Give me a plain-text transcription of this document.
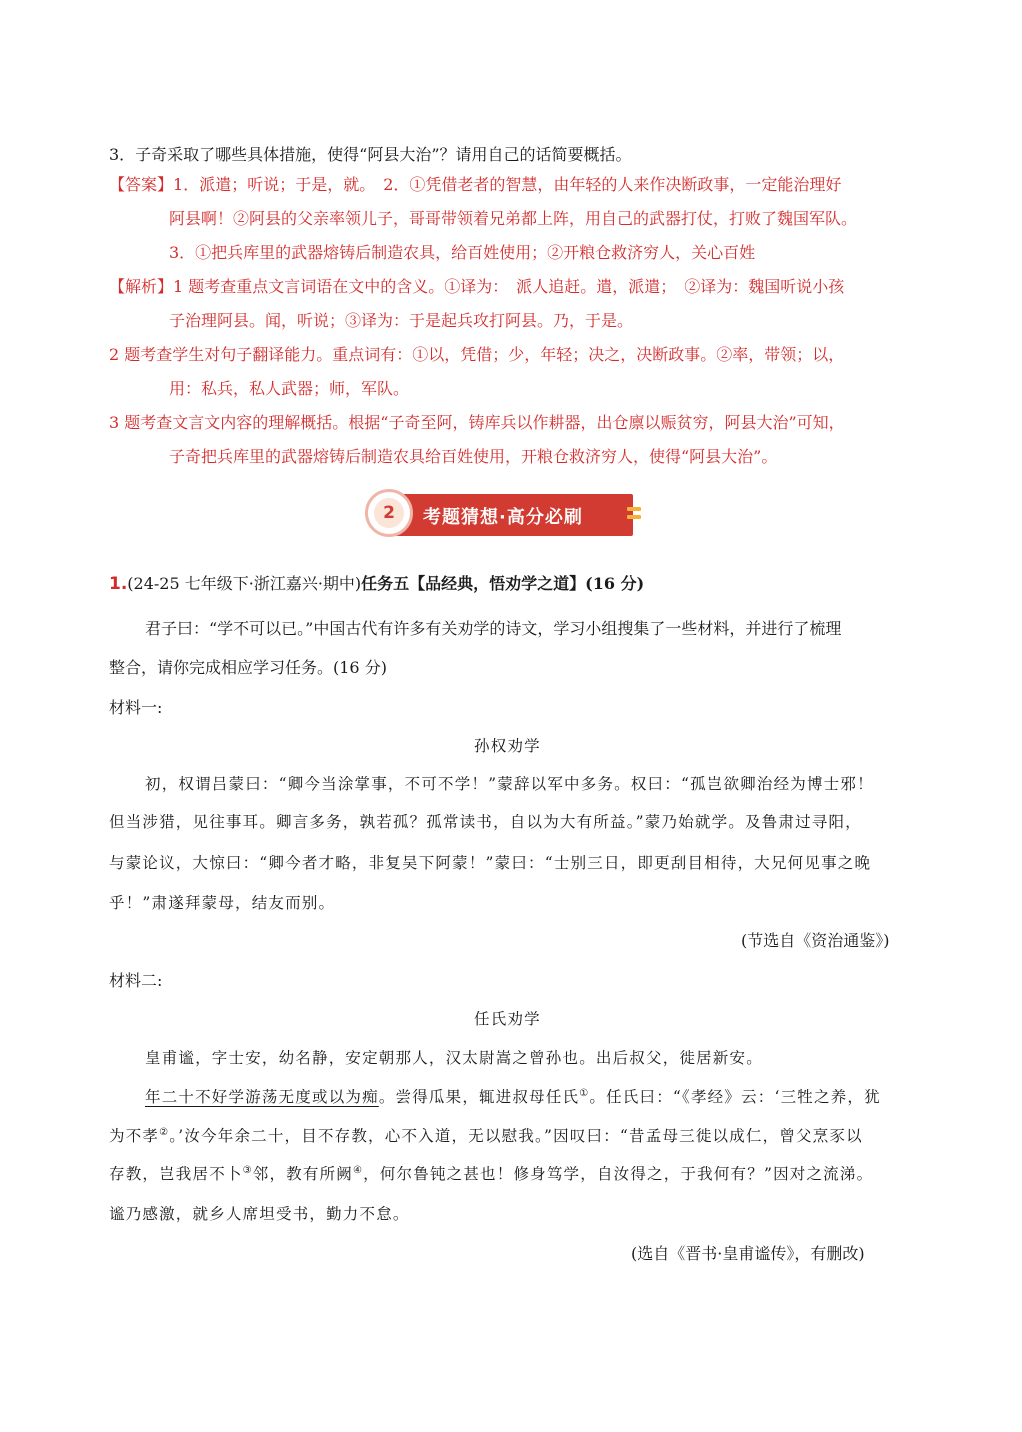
3．子奇采取了哪些具体措施，使得“阿县大治”？请用自己的话简要概括。
【答案】1．派遣；听说；于是，就。　2．①凭借老者的智慧，由年轻的人来作决断政事，一定能治理好
阿县啊！②阿县的父亲率领儿子，哥哥带领着兄弟都上阵，用自己的武器打仗，打败了魏国军队。
3．①把兵库里的武器熔铸后制造农具，给百姓使用；②开粮仓救济穷人，关心百姓
【解析】1 题考查重点文言词语在文中的含义。①译为：　派人追赶。遣，派遣；　②译为：魏国听说小孩
子治理阿县。闻，听说；③译为：于是起兵攻打阿县。乃，于是。
2 题考查学生对句子翻译能力。重点词有：①以，凭借；少，年轻；决之，决断政事。②率，带领；以，
用：私兵，私人武器；师，军队。
3 题考查文言文内容的理解概括。根据“子奇至阿，铸库兵以作耕器，出仓廪以赈贫穷，阿县大治”可知，
子奇把兵库里的武器熔铸后制造农具给百姓使用，开粮仓救济穷人，使得“阿县大治”。
2	考题猜想·高分必刷
1.(24-25 七年级下·浙江嘉兴·期中)任务五【品经典，悟劝学之道】(16 分)
君子曰：“学不可以已。”中国古代有许多有关劝学的诗文，学习小组搜集了一些材料，并进行了梳理
整合，请你完成相应学习任务。(16 分)
材料一:
孙权劝学
初，权谓吕蒙曰：“卿今当涂掌事，不可不学！”蒙辞以军中多务。权曰：“孤岂欲卿治经为博士邪！
但当涉猎，见往事耳。卿言多务，孰若孤？孤常读书，自以为大有所益。”蒙乃始就学。及鲁肃过寻阳，
与蒙论议，大惊曰：“卿今者才略，非复吴下阿蒙！”蒙曰：“士别三日，即更刮目相待，大兄何见事之晚
乎！”肃遂拜蒙母，结友而别。
(节选自《资治通鉴》)
材料二:
任氏劝学
皇甫谧，字士安，幼名静，安定朝那人，汉太尉嵩之曾孙也。出后叔父，徙居新安。
年二十不好学游荡无度或以为痴。尝得瓜果，辄进叔母任氏①。任氏曰：“《孝经》云：‘三牲之养，犹
为不孝②。’汝今年余二十，目不存教，心不入道，无以慰我。”因叹曰：“昔孟母三徙以成仁，曾父烹豕以
存教，岂我居不卜③邻，教有所阙④，何尔鲁钝之甚也！修身笃学，自汝得之，于我何有？”因对之流涕。
谧乃感激，就乡人席坦受书，勤力不怠。
(选自《晋书·皇甫谧传》，有删改)
